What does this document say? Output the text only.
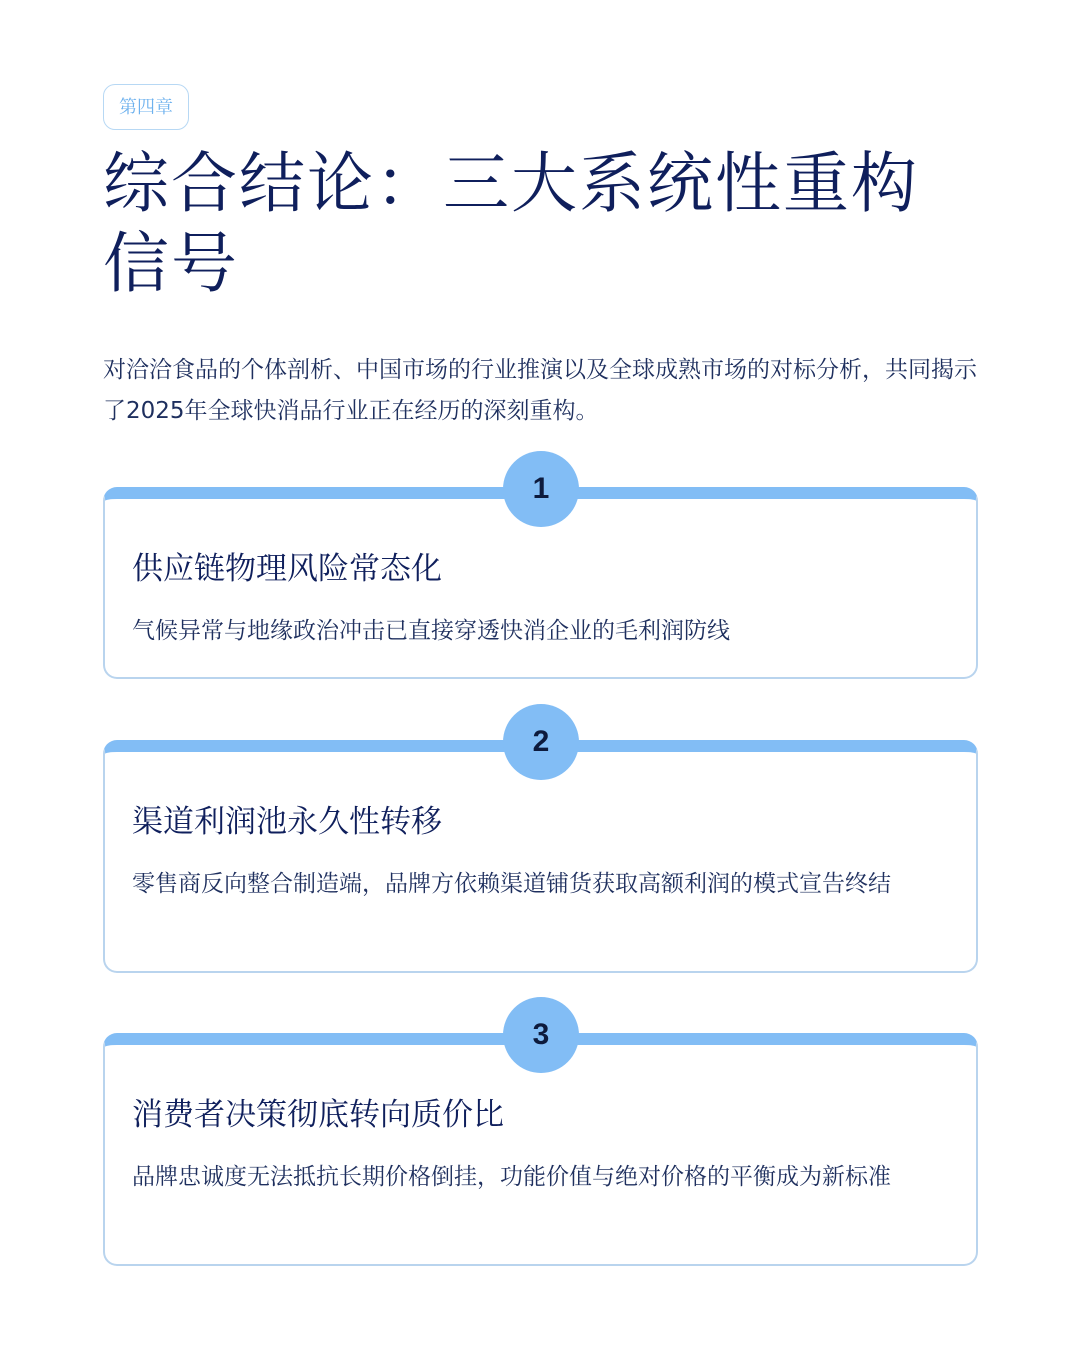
第四章
综合结论：三大系统性重构信号

对洽洽食品的个体剖析、中国市场的行业推演以及全球成熟市场的对标分析，共同揭示了2025年全球快消品行业正在经历的深刻重构。

1
供应链物理风险常态化
气候异常与地缘政治冲击已直接穿透快消企业的毛利润防线
2
渠道利润池永久性转移
零售商反向整合制造端，品牌方依赖渠道铺货获取高额利润的模式宣告终结
3
消费者决策彻底转向质价比
品牌忠诚度无法抵抗长期价格倒挂，功能价值与绝对价格的平衡成为新标准
